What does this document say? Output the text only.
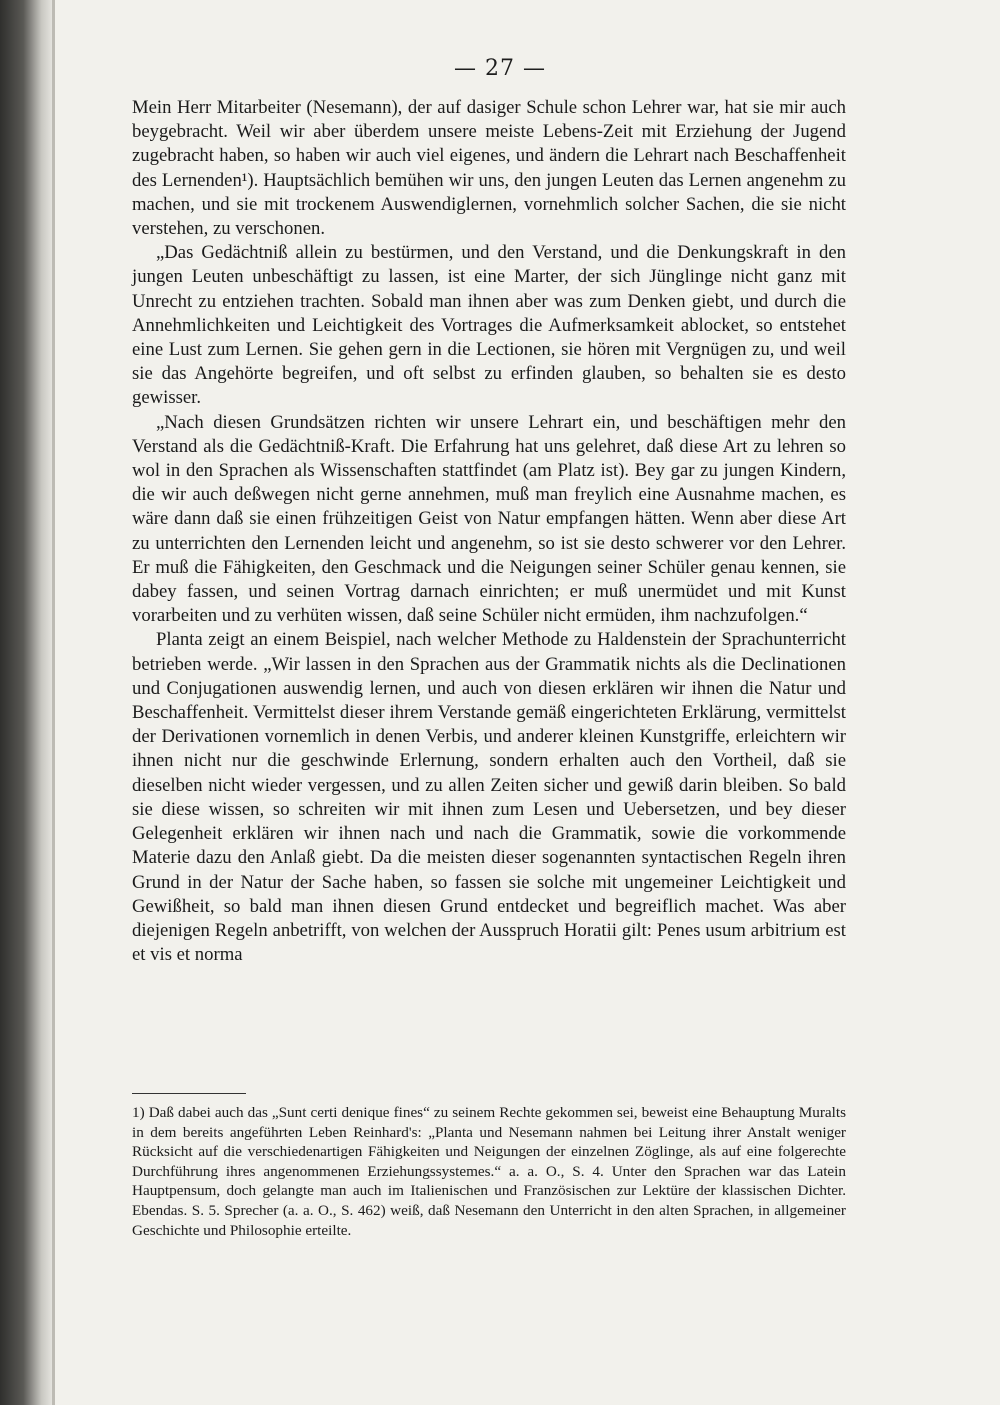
— 27 —

Mein Herr Mitarbeiter (Nesemann), der auf dasiger Schule schon Lehrer war, hat sie mir auch beygebracht. Weil wir aber überdem unsere meiste Lebens-Zeit mit Erziehung der Jugend zugebracht haben, so haben wir auch viel eigenes, und ändern die Lehrart nach Beschaffenheit des Lernenden¹). Hauptsächlich bemühen wir uns, den jungen Leuten das Lernen angenehm zu machen, und sie mit trockenem Auswendiglernen, vornehmlich solcher Sachen, die sie nicht verstehen, zu verschonen.

„Das Gedächtniß allein zu bestürmen, und den Verstand, und die Denkungskraft in den jungen Leuten unbeschäftigt zu lassen, ist eine Marter, der sich Jünglinge nicht ganz mit Unrecht zu entziehen trachten. Sobald man ihnen aber was zum Denken giebt, und durch die Annehmlichkeiten und Leichtigkeit des Vortrages die Aufmerksamkeit ablocket, so entstehet eine Lust zum Lernen. Sie gehen gern in die Lectionen, sie hören mit Vergnügen zu, und weil sie das Angehörte begreifen, und oft selbst zu erfinden glauben, so behalten sie es desto gewisser.

„Nach diesen Grundsätzen richten wir unsere Lehrart ein, und beschäftigen mehr den Verstand als die Gedächtniß-Kraft. Die Erfahrung hat uns gelehret, daß diese Art zu lehren so wol in den Sprachen als Wissenschaften stattfindet (am Platz ist). Bey gar zu jungen Kindern, die wir auch deßwegen nicht gerne annehmen, muß man freylich eine Ausnahme machen, es wäre dann daß sie einen frühzeitigen Geist von Natur empfangen hätten. Wenn aber diese Art zu unterrichten den Lernenden leicht und angenehm, so ist sie desto schwerer vor den Lehrer. Er muß die Fähigkeiten, den Geschmack und die Neigungen seiner Schüler genau kennen, sie dabey fassen, und seinen Vortrag darnach einrichten; er muß unermüdet und mit Kunst vorarbeiten und zu verhüten wissen, daß seine Schüler nicht ermüden, ihm nachzufolgen.“

Planta zeigt an einem Beispiel, nach welcher Methode zu Haldenstein der Sprachunterricht betrieben werde. „Wir lassen in den Sprachen aus der Grammatik nichts als die Declinationen und Conjugationen auswendig lernen, und auch von diesen erklären wir ihnen die Natur und Beschaffenheit. Vermittelst dieser ihrem Verstande gemäß eingerichteten Erklärung, vermittelst der Derivationen vornemlich in denen Verbis, und anderer kleinen Kunstgriffe, erleichtern wir ihnen nicht nur die geschwinde Erlernung, sondern erhalten auch den Vortheil, daß sie dieselben nicht wieder vergessen, und zu allen Zeiten sicher und gewiß darin bleiben. So bald sie diese wissen, so schreiten wir mit ihnen zum Lesen und Uebersetzen, und bey dieser Gelegenheit erklären wir ihnen nach und nach die Grammatik, sowie die vorkommende Materie dazu den Anlaß giebt. Da die meisten dieser sogenannten syntactischen Regeln ihren Grund in der Natur der Sache haben, so fassen sie solche mit ungemeiner Leichtigkeit und Gewißheit, so bald man ihnen diesen Grund entdecket und begreiflich machet. Was aber diejenigen Regeln anbetrifft, von welchen der Ausspruch Horatii gilt: Penes usum arbitrium est et vis et norma

1) Daß dabei auch das „Sunt certi denique fines“ zu seinem Rechte gekommen sei, beweist eine Behauptung Muralts in dem bereits angeführten Leben Reinhard's: „Planta und Nesemann nahmen bei Leitung ihrer Anstalt weniger Rücksicht auf die verschiedenartigen Fähigkeiten und Neigungen der einzelnen Zöglinge, als auf eine folgerechte Durchführung ihres angenommenen Erziehungssystemes.“ a. a. O., S. 4. Unter den Sprachen war das Latein Hauptpensum, doch gelangte man auch im Italienischen und Französischen zur Lektüre der klassischen Dichter. Ebendas. S. 5. Sprecher (a. a. O., S. 462) weiß, daß Nesemann den Unterricht in den alten Sprachen, in allgemeiner Geschichte und Philosophie erteilte.
